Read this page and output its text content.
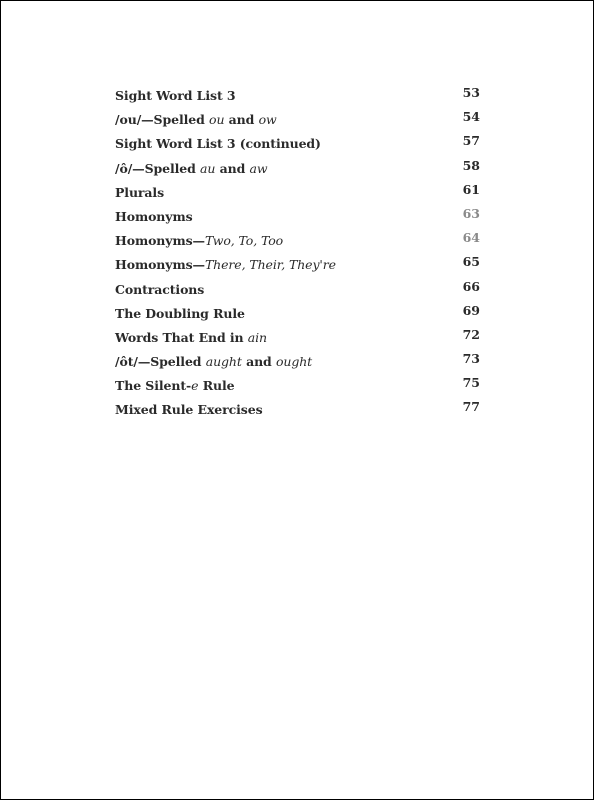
Sight Word List 3	53
/ou/—Spelled ou and ow	54
Sight Word List 3 (continued)	57
/ô/—Spelled au and aw	58
Plurals	61
Homonyms	63
Homonyms—Two, To, Too	64
Homonyms—There, Their, They're	65
Contractions	66
The Doubling Rule	69
Words That End in ain	72
/ôt/—Spelled aught and ought	73
The Silent-e Rule	75
Mixed Rule Exercises	77
